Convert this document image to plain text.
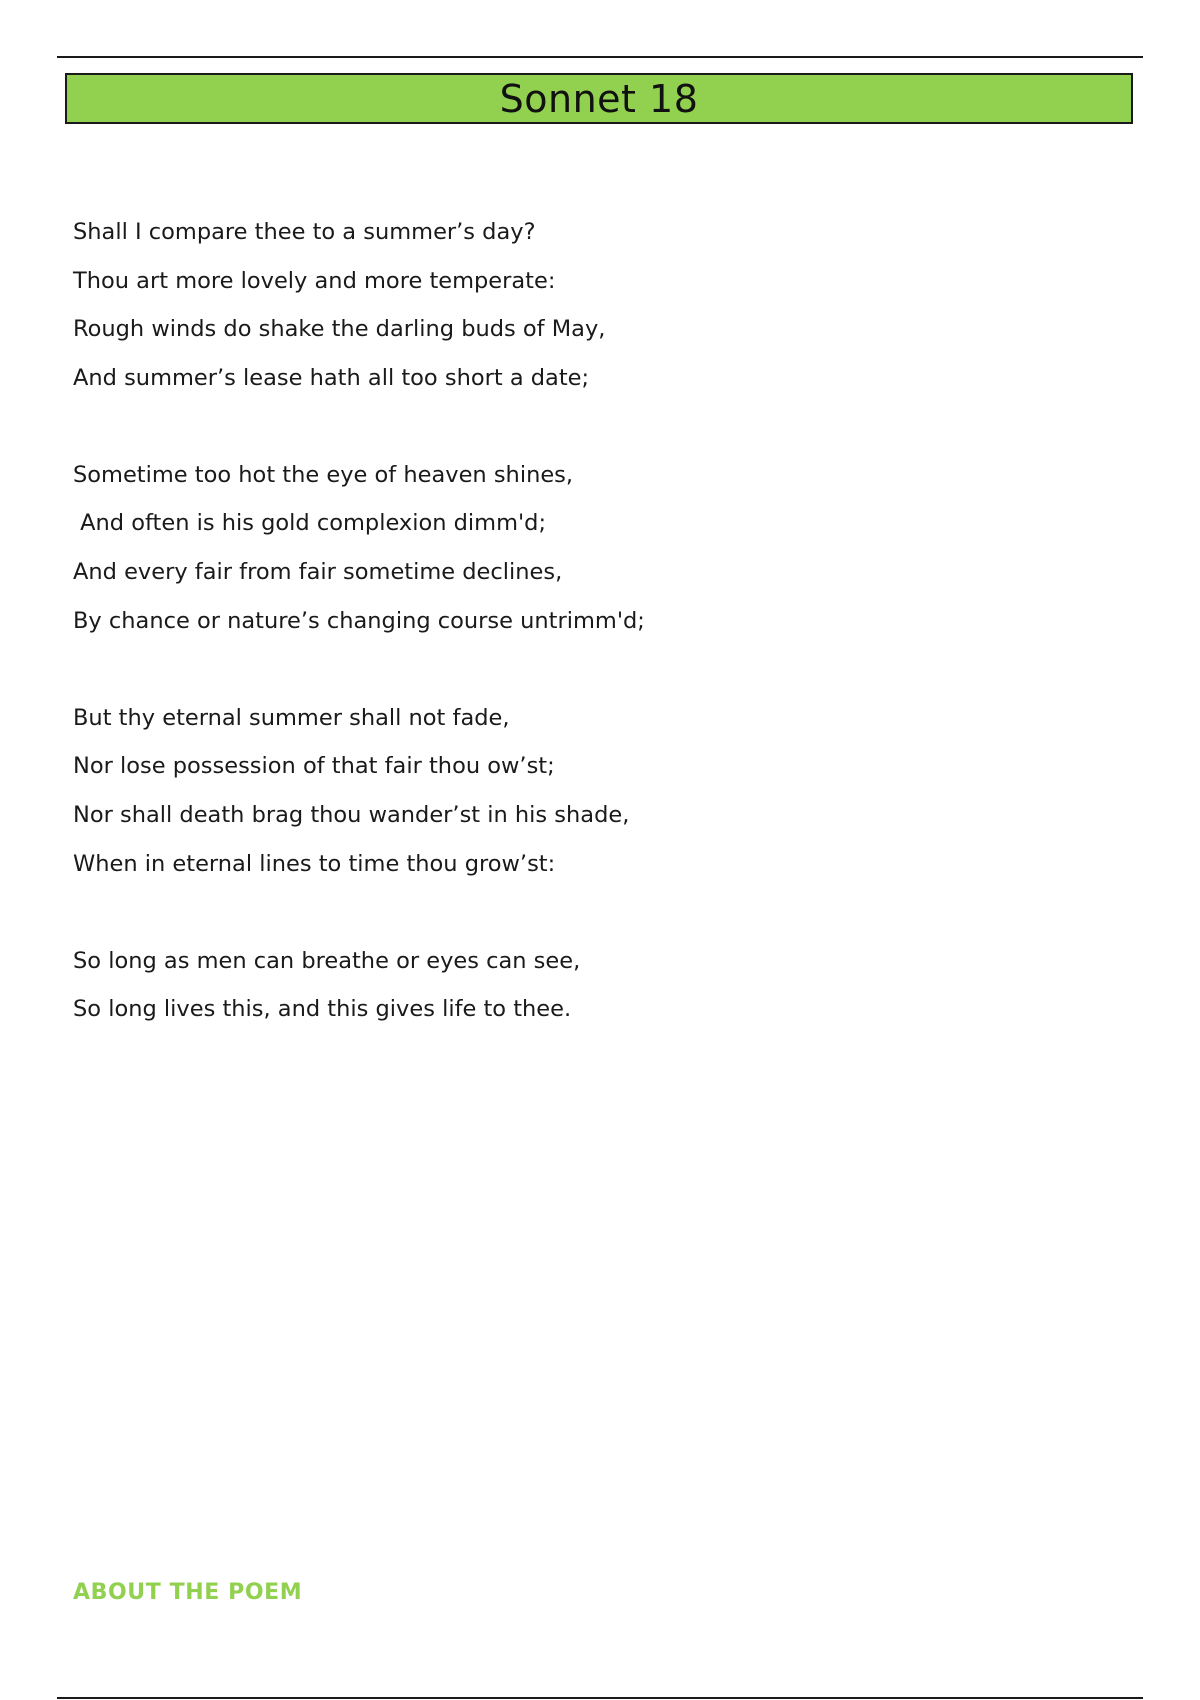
Sonnet 18
Shall I compare thee to a summer’s day?
Thou art more lovely and more temperate:
Rough winds do shake the darling buds of May,
And summer’s lease hath all too short a date;
Sometime too hot the eye of heaven shines,
And often is his gold complexion dimm'd;
And every fair from fair sometime declines,
By chance or nature’s changing course untrimm'd;
But thy eternal summer shall not fade,
Nor lose possession of that fair thou ow’st;
Nor shall death brag thou wander’st in his shade,
When in eternal lines to time thou grow’st:
So long as men can breathe or eyes can see,
So long lives this, and this gives life to thee.
ABOUT THE POEM
